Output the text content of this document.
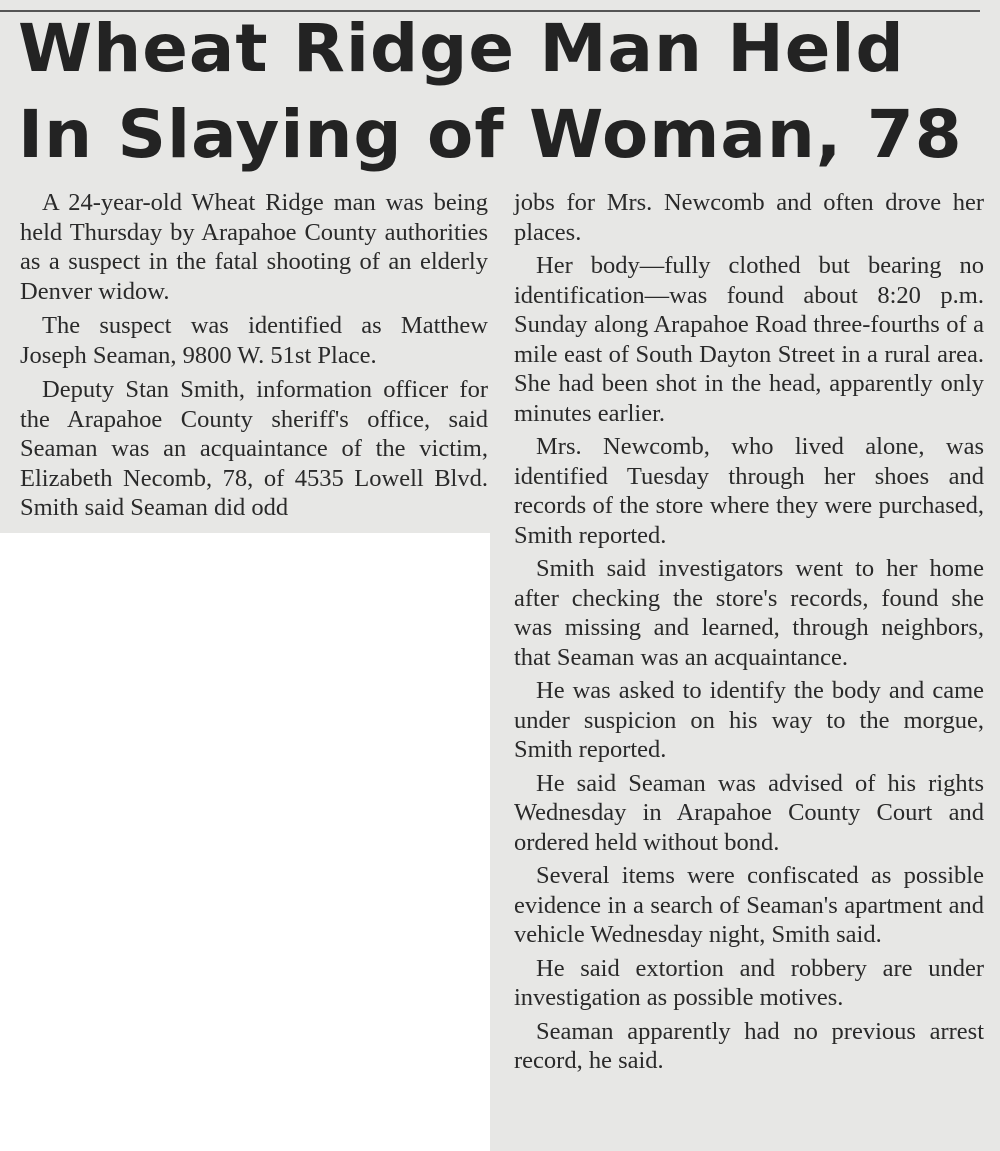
Wheat Ridge Man Held
In Slaying of Woman, 78

A 24-year-old Wheat Ridge man was being held Thursday by Arapahoe County authorities as a suspect in the fatal shooting of an elderly Denver widow.

The suspect was identified as Matthew Joseph Seaman, 9800 W. 51st Place.

Deputy Stan Smith, information officer for the Arapahoe County sheriff's office, said Seaman was an acquaintance of the victim, Elizabeth Necomb, 78, of 4535 Lowell Blvd. Smith said Seaman did odd

jobs for Mrs. Newcomb and often drove her places.

Her body—fully clothed but bearing no identification—was found about 8:20 p.m. Sunday along Arapahoe Road three-fourths of a mile east of South Dayton Street in a rural area. She had been shot in the head, apparently only minutes earlier.

Mrs. Newcomb, who lived alone, was identified Tuesday through her shoes and records of the store where they were purchased, Smith reported.

Smith said investigators went to her home after checking the store's records, found she was missing and learned, through neighbors, that Seaman was an acquaintance.

He was asked to identify the body and came under suspicion on his way to the morgue, Smith reported.

He said Seaman was advised of his rights Wednesday in Arapahoe County Court and ordered held without bond.

Several items were confiscated as possible evidence in a search of Seaman's apartment and vehicle Wednesday night, Smith said.

He said extortion and robbery are under investigation as possible motives.

Seaman apparently had no previous arrest record, he said.
